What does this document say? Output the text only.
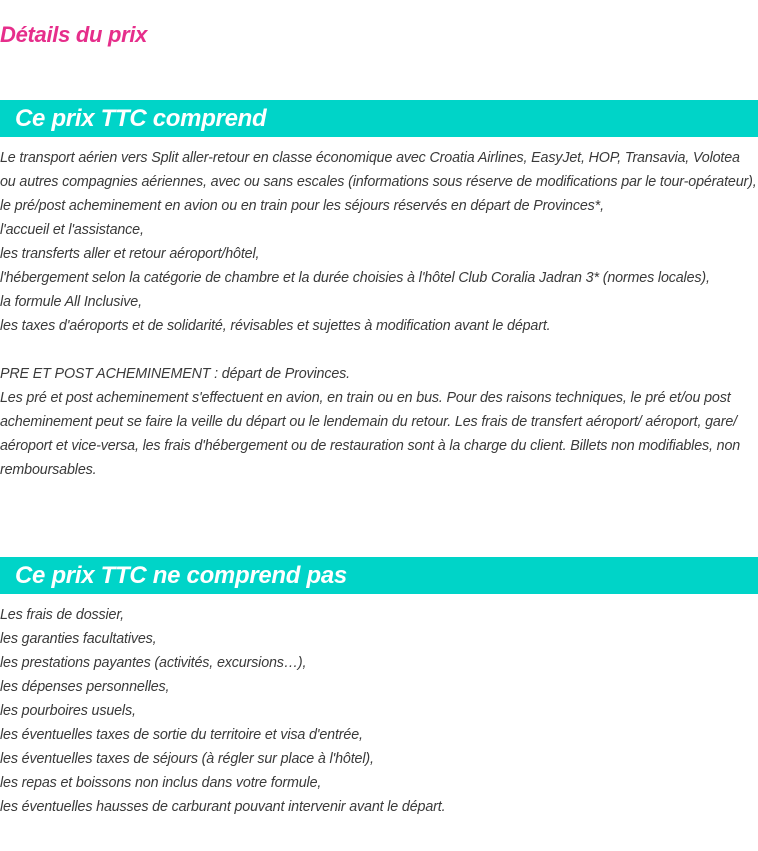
Détails du prix
Ce prix TTC comprend

Le transport aérien vers Split aller-retour en classe économique avec Croatia Airlines, EasyJet, HOP, Transavia, Volotea ou autres compagnies aériennes, avec ou sans escales (informations sous réserve de modifications par le tour-opérateur),

le pré/post acheminement en avion ou en train pour les séjours réservés en départ de Provinces*,

l'accueil et l'assistance,

les transferts aller et retour aéroport/hôtel,

l'hébergement selon la catégorie de chambre et la durée choisies à l'hôtel Club Coralia Jadran 3* (normes locales),

la formule All Inclusive,

les taxes d'aéroports et de solidarité, révisables et sujettes à modification avant le départ.

PRE ET POST ACHEMINEMENT : départ de Provinces.

Les pré et post acheminement s'effectuent en avion, en train ou en bus. Pour des raisons techniques, le pré et/ou post acheminement peut se faire la veille du départ ou le lendemain du retour. Les frais de transfert aéroport/ aéroport, gare/ aéroport et vice-versa, les frais d'hébergement ou de restauration sont à la charge du client. Billets non modifiables, non remboursables.

Ce prix TTC ne comprend pas

Les frais de dossier,

les garanties facultatives,

les prestations payantes (activités, excursions…),

les dépenses personnelles,

les pourboires usuels,

les éventuelles taxes de sortie du territoire et visa d'entrée,

les éventuelles taxes de séjours (à régler sur place à l'hôtel),

les repas et boissons non inclus dans votre formule,

les éventuelles hausses de carburant pouvant intervenir avant le départ.
